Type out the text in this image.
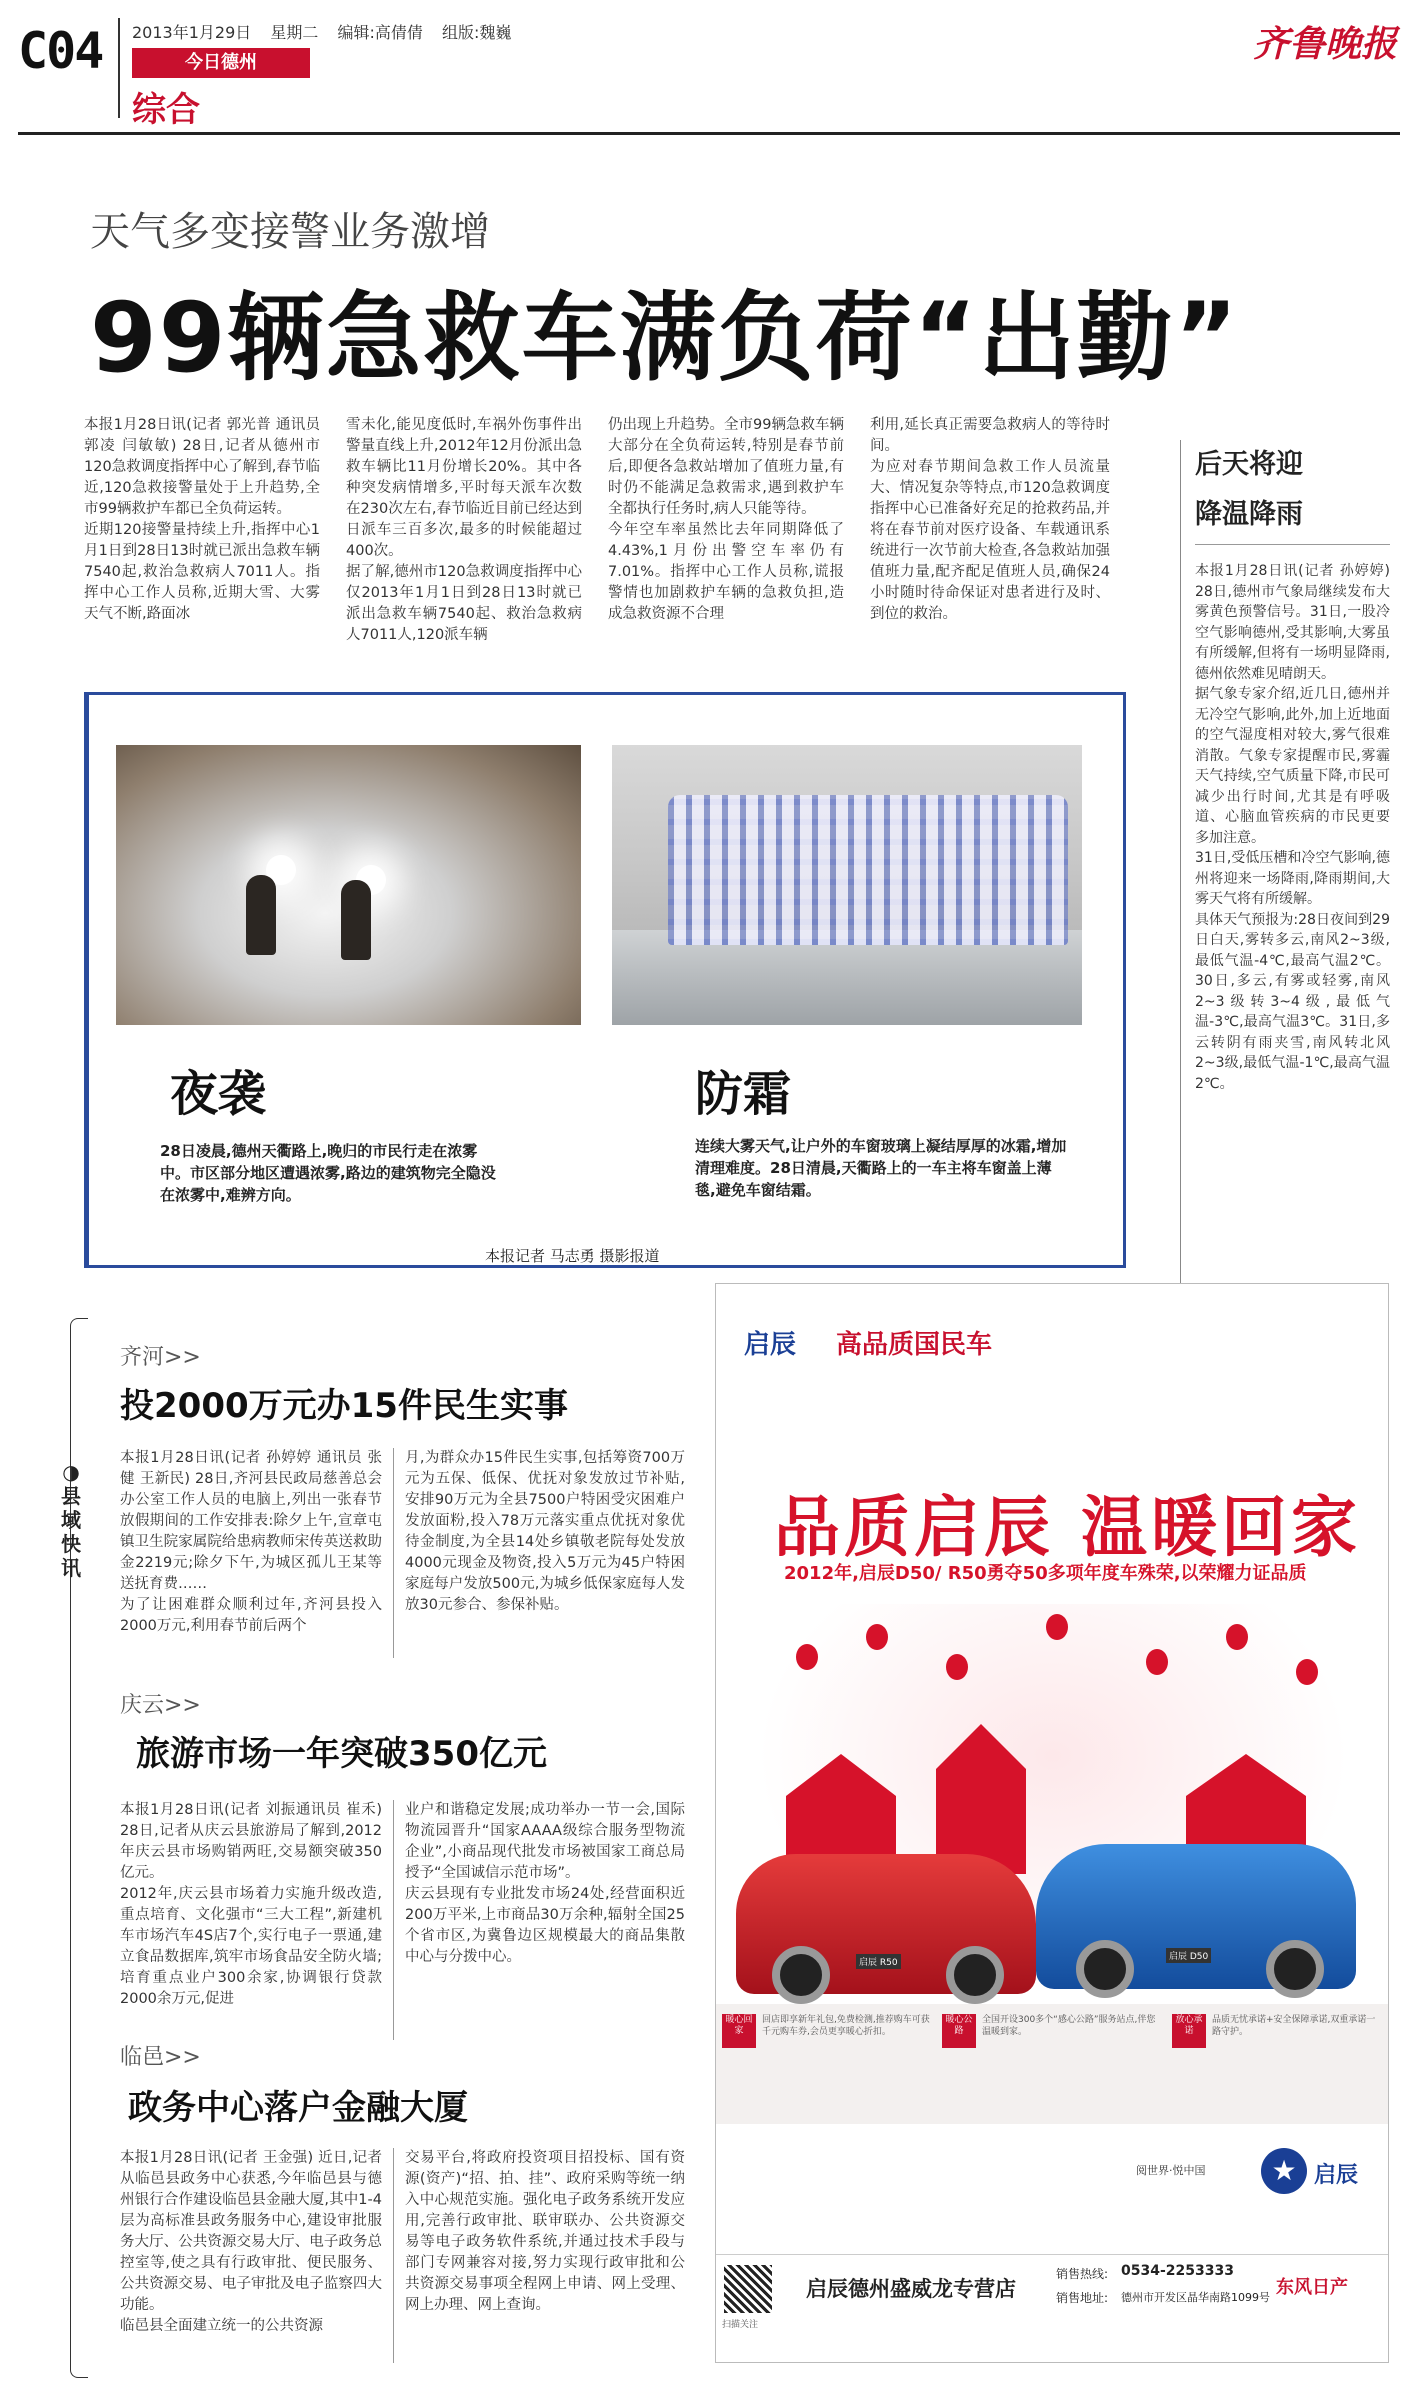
C04 2013年1月29日 星期二 编辑:高倩倩 组版:魏巍
今日德州
综合
齐鲁晚报
天气多变接警业务激增
99辆急救车满负荷“出勤”
本报1月28日讯(记者 郭光普 通讯员 郭凌 闫敏敏) 28日,记者从德州市120急救调度指挥中心了解到,春节临近,120急救接警量处于上升趋势,全市99辆救护车都已全负荷运转。
近期120接警量持续上升,指挥中心1月1日到28日13时就已派出急救车辆7540起,救治急救病人7011人。指挥中心工作人员称,近期大雪、大雾天气不断,路面冰
雪未化,能见度低时,车祸外伤事件出警量直线上升,2012年12月份派出急救车辆比11月份增长20%。其中各种突发病情增多,平时每天派车次数在230次左右,春节临近目前已经达到日派车三百多次,最多的时候能超过400次。
据了解,德州市120急救调度指挥中心仅2013年1月1日到28日13时就已派出急救车辆7540起、救治急救病人7011人,120派车辆
仍出现上升趋势。全市99辆急救车辆大部分在全负荷运转,特别是春节前后,即便各急救站增加了值班力量,有时仍不能满足急救需求,遇到救护车全都执行任务时,病人只能等待。
今年空车率虽然比去年同期降低了4.43%,1月份出警空车率仍有7.01%。指挥中心工作人员称,谎报警情也加剧救护车辆的急救负担,造成急救资源不合理
利用,延长真正需要急救病人的等待时间。
为应对春节期间急救工作人员流量大、情况复杂等特点,市120急救调度指挥中心已准备好充足的抢救药品,并将在春节前对医疗设备、车载通讯系统进行一次节前大检查,各急救站加强值班力量,配齐配足值班人员,确保24小时随时待命保证对患者进行及时、到位的救治。
后天将迎
降温降雨
本报1月28日讯(记者 孙婷婷) 28日,德州市气象局继续发布大雾黄色预警信号。31日,一股冷空气影响德州,受其影响,大雾虽有所缓解,但将有一场明显降雨,德州依然难见晴朗天。
据气象专家介绍,近几日,德州并无冷空气影响,此外,加上近地面的空气湿度相对较大,雾气很难消散。气象专家提醒市民,雾霾天气持续,空气质量下降,市民可减少出行时间,尤其是有呼吸道、心脑血管疾病的市民更要多加注意。
31日,受低压槽和冷空气影响,德州将迎来一场降雨,降雨期间,大雾天气将有所缓解。
具体天气预报为:28日夜间到29日白天,雾转多云,南风2~3级,最低气温-4℃,最高气温2℃。30日,多云,有雾或轻雾,南风2~3级转3~4级,最低气温-3℃,最高气温3℃。31日,多云转阴有雨夹雪,南风转北风2~3级,最低气温-1℃,最高气温2℃。
夜袭
28日凌晨,德州天衢路上,晚归的市民行走在浓雾中。市区部分地区遭遇浓雾,路边的建筑物完全隐没在浓雾中,难辨方向。
防霜
连续大雾天气,让户外的车窗玻璃上凝结厚厚的冰霜,增加清理难度。28日清晨,天衢路上的一车主将车窗盖上薄毯,避免车窗结霜。
本报记者 马志勇 摄影报道
◑

县域快讯
齐河>>
投2000万元办15件民生实事
本报1月28日讯(记者 孙婷婷 通讯员 张健 王新民) 28日,齐河县民政局慈善总会办公室工作人员的电脑上,列出一张春节放假期间的工作安排表:除夕上午,宣章屯镇卫生院家属院给患病教师宋传英送救助金2219元;除夕下午,为城区孤儿王某等送抚育费……
为了让困难群众顺利过年,齐河县投入2000万元,利用春节前后两个
月,为群众办15件民生实事,包括筹资700万元为五保、低保、优抚对象发放过节补贴,安排90万元为全县7500户特困受灾困难户发放面粉,投入78万元落实重点优抚对象优待金制度,为全县14处乡镇敬老院每处发放4000元现金及物资,投入5万元为45户特困家庭每户发放500元,为城乡低保家庭每人发放30元参合、参保补贴。
庆云>>
旅游市场一年突破350亿元
本报1月28日讯(记者 刘振通讯员 崔禾) 28日,记者从庆云县旅游局了解到,2012年庆云县市场购销两旺,交易额突破350亿元。
2012年,庆云县市场着力实施升级改造,重点培育、文化强市“三大工程”,新建机车市场汽车4S店7个,实行电子一票通,建立食品数据库,筑牢市场食品安全防火墙;培育重点业户300余家,协调银行贷款2000余万元,促进
业户和谐稳定发展;成功举办一节一会,国际物流园晋升“国家AAAA级综合服务型物流企业”,小商品现代批发市场被国家工商总局授予“全国诚信示范市场”。
庆云县现有专业批发市场24处,经营面积近200万平米,上市商品30万余种,辐射全国25个省市区,为冀鲁边区规模最大的商品集散中心与分拨中心。
临邑>>
政务中心落户金融大厦
本报1月28日讯(记者 王金强) 近日,记者从临邑县政务中心获悉,今年临邑县与德州银行合作建设临邑县金融大厦,其中1-4层为高标准县政务服务中心,建设审批服务大厅、公共资源交易大厅、电子政务总控室等,使之具有行政审批、便民服务、公共资源交易、电子审批及电子监察四大功能。
临邑县全面建立统一的公共资源
交易平台,将政府投资项目招投标、国有资源(资产)“招、拍、挂”、政府采购等统一纳入中心规范实施。强化电子政务系统开发应用,完善行政审批、联审联办、公共资源交易等电子政务软件系统,并通过技术手段与部门专网兼容对接,努力实现行政审批和公共资源交易事项全程网上申请、网上受理、网上办理、网上查询。
启辰 高品质国民车
品质启辰 温暖回家
2012年,启辰D50/ R50勇夺50多项年度车殊荣,以荣耀力证品质
启辰 R50
启辰 D50
暖心回家
回店即享新年礼包,免费检测,推荐购车可获千元购车券,会员更享暖心折扣。
暖心公路
全国开设300多个“感心公路”服务站点,伴您温暖到家。
放心承诺
品质无忧承诺+安全保障承诺,双重承诺一路守护。
阅世界·悦中国	★ 启辰
扫描关注
启辰德州盛威龙专营店
销售热线: 0534-2253333
销售地址: 德州市开发区晶华南路1099号 东风日产
